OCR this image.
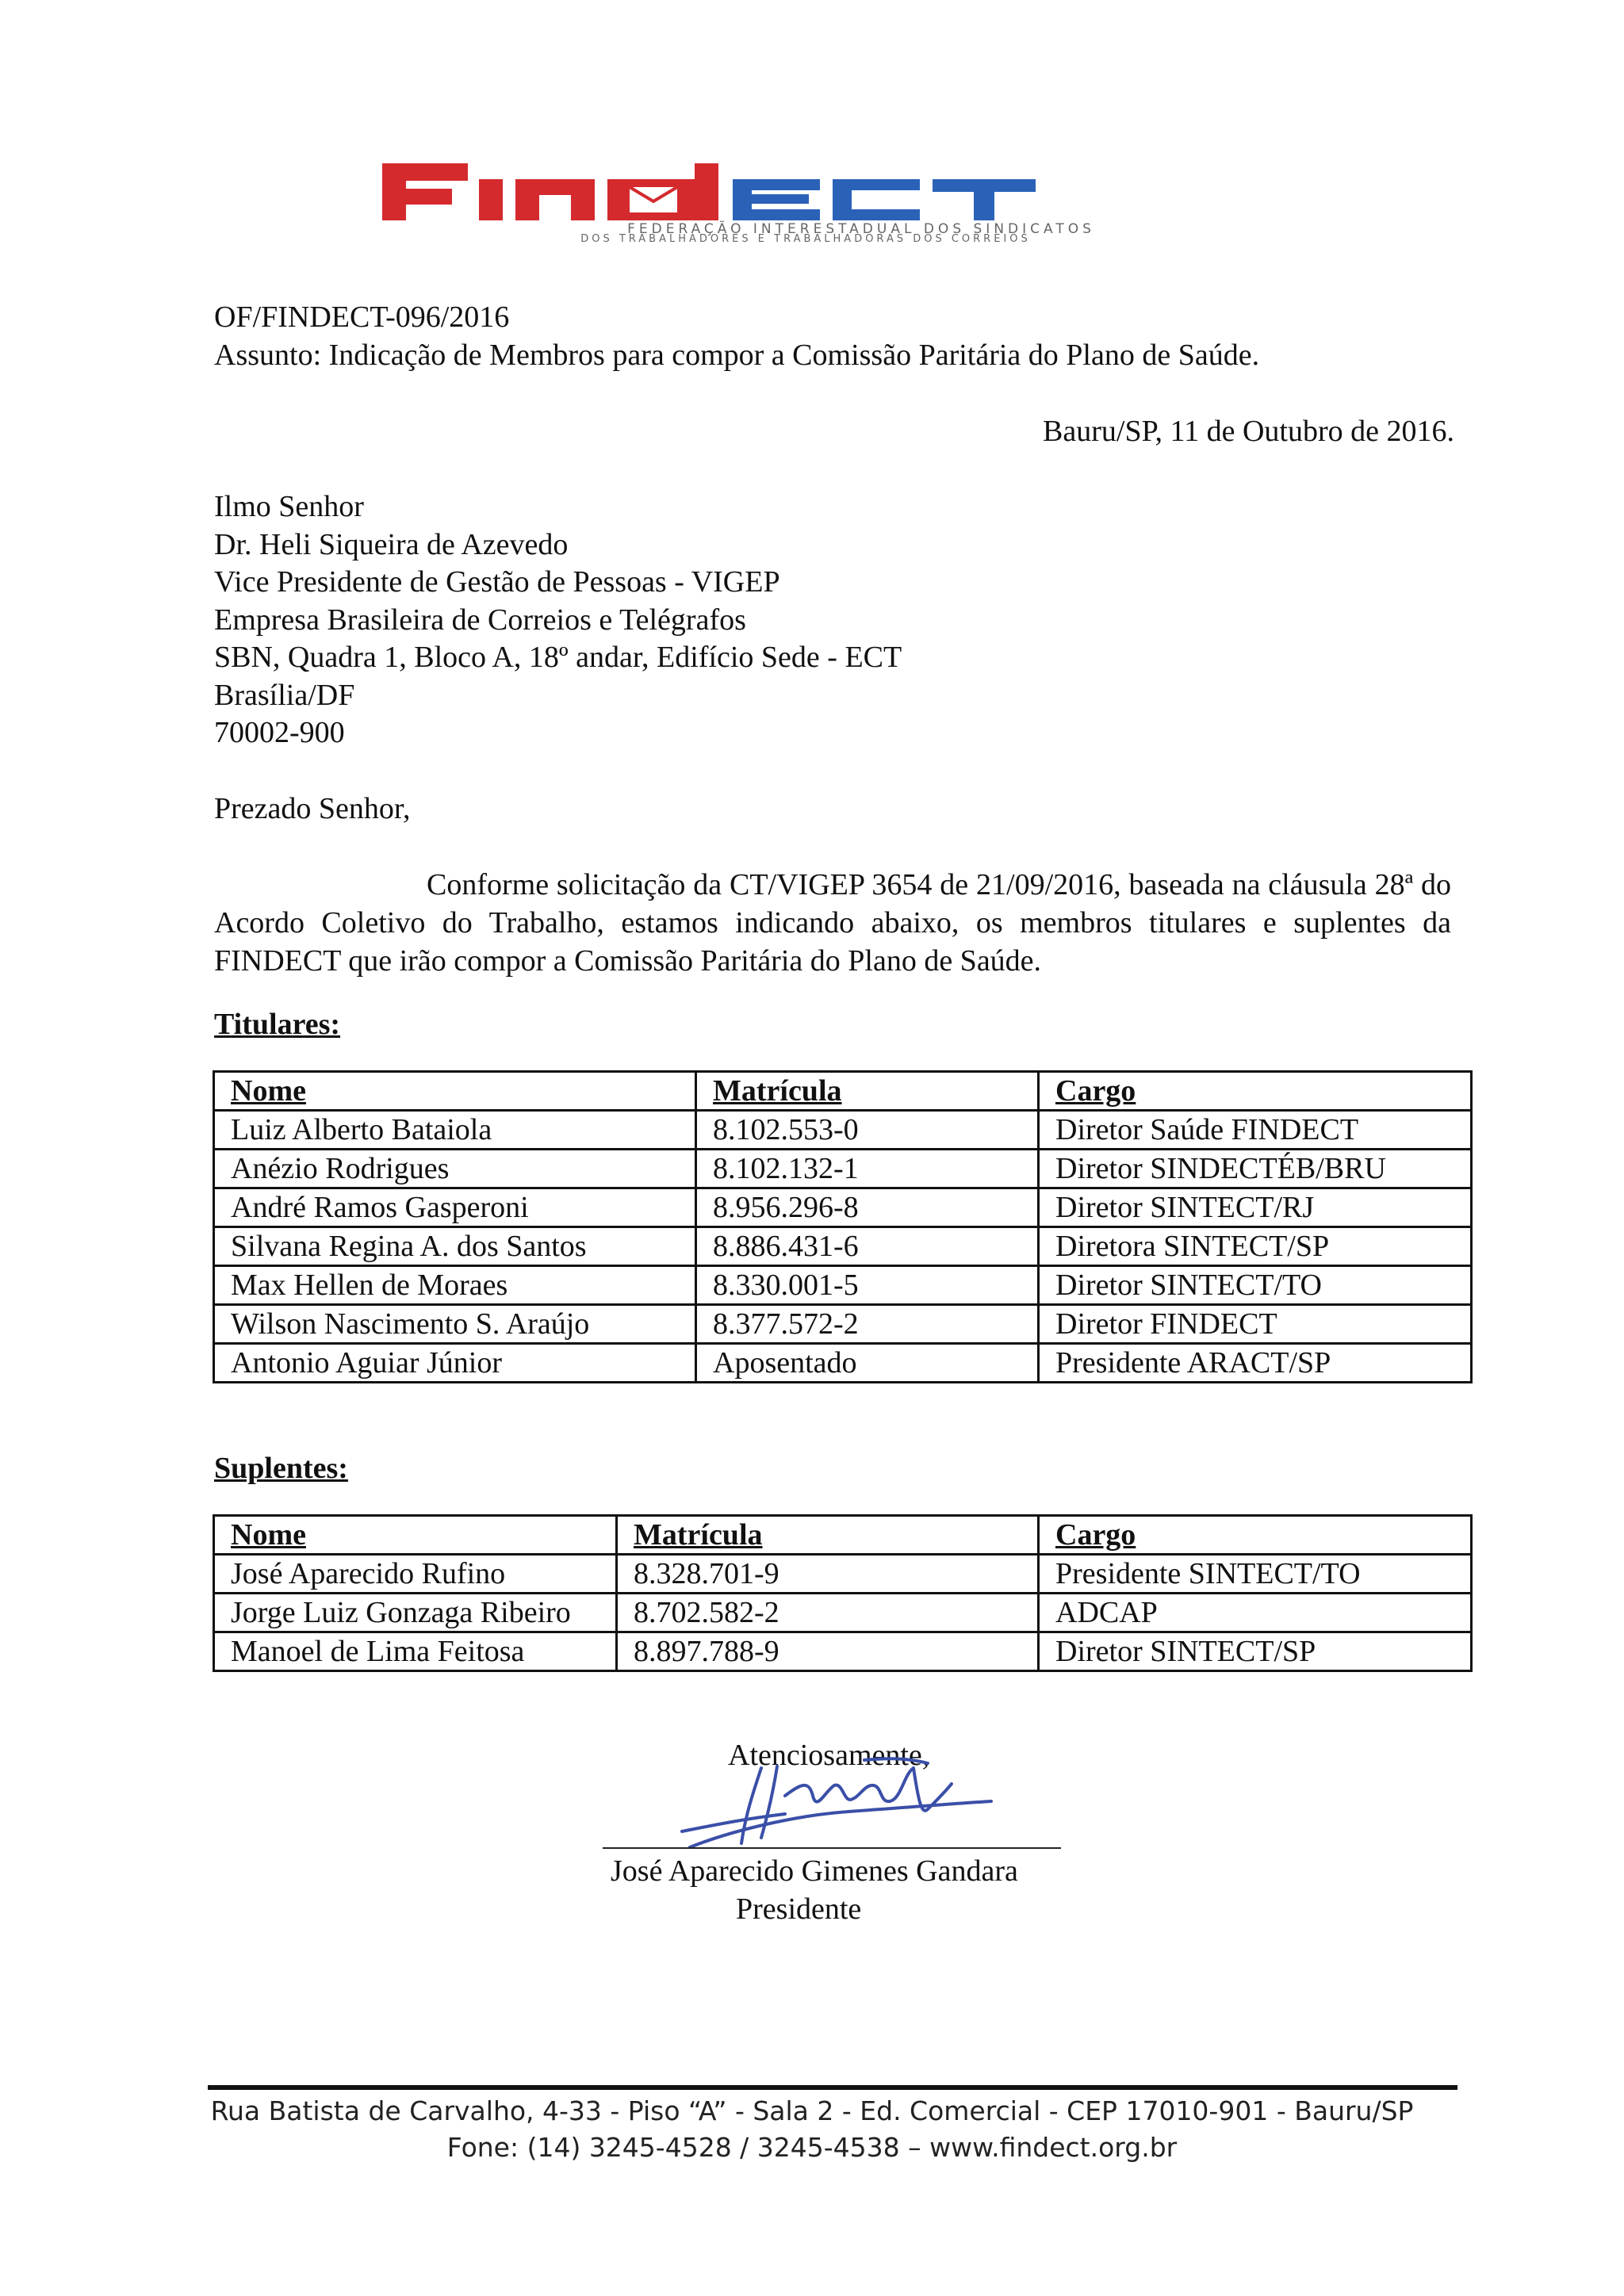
FEDERAÇÃO INTERESTADUAL DOS SINDICATOS
DOS TRABALHADORES E TRABALHADORAS DOS CORREIOS
OF/FINDECT-096/2016
Assunto: Indicação de Membros para compor a Comissão Paritária do Plano de Saúde.
Bauru/SP, 11 de Outubro de 2016.
Ilmo Senhor
Dr. Heli Siqueira de Azevedo
Vice Presidente de Gestão de Pessoas - VIGEP
Empresa Brasileira de Correios e Telégrafos
SBN, Quadra 1, Bloco A, 18º andar, Edifício Sede - ECT
Brasília/DF
70002-900
Prezado Senhor,

Conforme solicitação da CT/VIGEP 3654 de 21/09/2016, baseada na cláusula 28ª do Acordo Coletivo do Trabalho, estamos indicando abaixo, os membros titulares e suplentes da FINDECT que irão compor a Comissão Paritária do Plano de Saúde.

Titulares:
Nome	Matrícula	Cargo
Luiz Alberto Bataiola	8.102.553-0	Diretor Saúde FINDECT
Anézio Rodrigues	8.102.132-1	Diretor SINDECTÉB/BRU
André Ramos Gasperoni	8.956.296-8	Diretor SINTECT/RJ
Silvana Regina A. dos Santos	8.886.431-6	Diretora SINTECT/SP
Max Hellen de Moraes	8.330.001-5	Diretor SINTECT/TO
Wilson Nascimento S. Araújo	8.377.572-2	Diretor FINDECT
Antonio Aguiar Júnior	Aposentado	Presidente ARACT/SP
Suplentes:
Nome	Matrícula	Cargo
José Aparecido Rufino	8.328.701-9	Presidente SINTECT/TO
Jorge Luiz Gonzaga Ribeiro	8.702.582-2	ADCAP
Manoel de Lima Feitosa	8.897.788-9	Diretor SINTECT/SP
Atenciosamente,
José Aparecido Gimenes Gandara
Presidente
Rua Batista de Carvalho, 4-33 - Piso “A” - Sala 2 - Ed. Comercial - CEP 17010-901 - Bauru/SP
Fone: (14) 3245-4528 / 3245-4538 – www.findect.org.br
